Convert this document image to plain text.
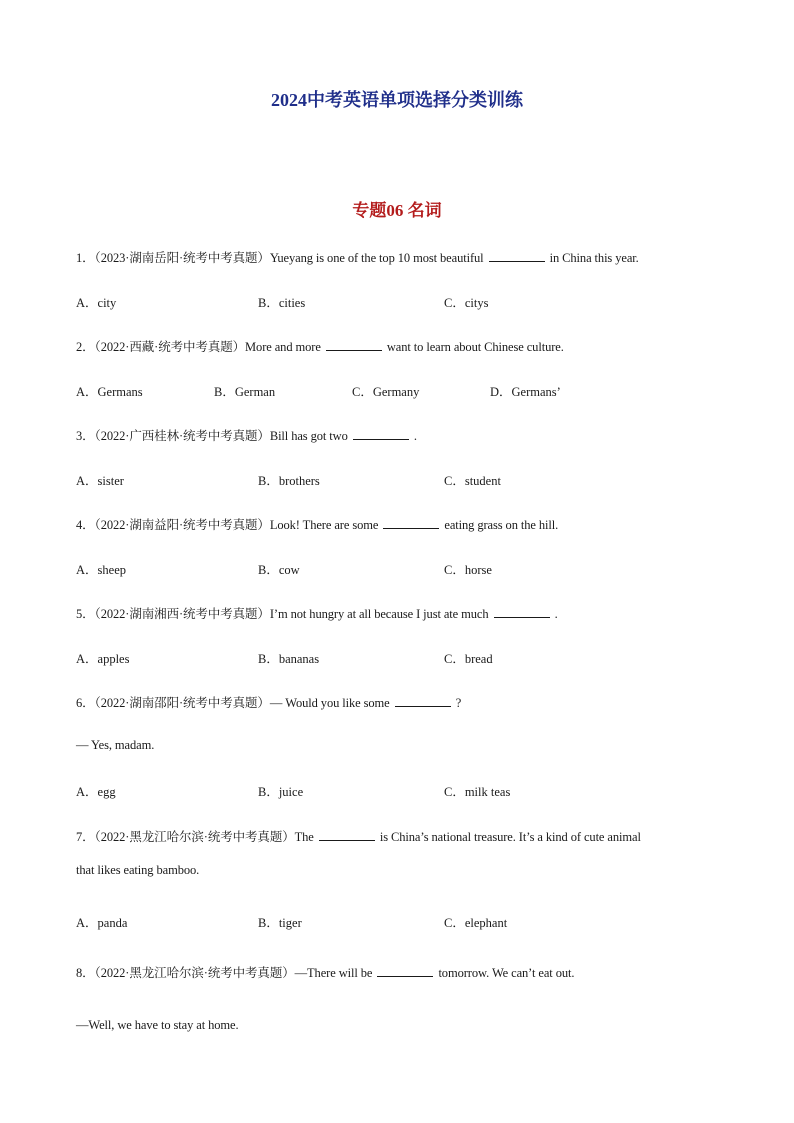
2024中考英语单项选择分类训练
专题06 名词
1．（2023·湖南岳阳·统考中考真题）Yueyang is one of the top 10 most beautiful	in China this year.
A．city	B．cities	C．citys
2．（2022·西藏·统考中考真题）More and more	want to learn about Chinese culture.
A．Germans	B．German	C．Germany	D．Germans’
3．（2022·广西桂林·统考中考真题）Bill has got two	.
A．sister	B．brothers	C．student
4．（2022·湖南益阳·统考中考真题）Look! There are some	eating grass on the hill.
A．sheep	B．cow	C．horse
5．（2022·湖南湘西·统考中考真题）I’m not hungry at all because I just ate much	.
A．apples	B．bananas	C．bread
6．（2022·湖南邵阳·统考中考真题）— Would you like some	?
— Yes, madam.
A．egg	B．juice	C．milk teas
7．（2022·黑龙江哈尔滨·统考中考真题）The	is China’s national treasure. It’s a kind of cute animal
that likes eating bamboo.
A．panda	B．tiger	C．elephant
8．（2022·黑龙江哈尔滨·统考中考真题）—There will be	tomorrow. We can’t eat out.
—Well, we have to stay at home.
